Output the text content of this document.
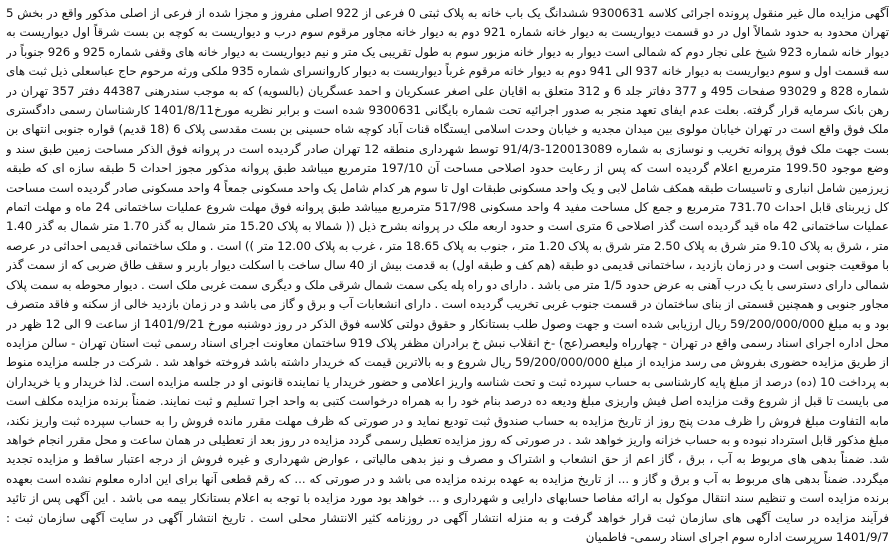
آگهی مزایده مال غیر منقول پرونده اجرائی کلاسه 9300631 ششدانگ یک باب خانه به پلاک ثبتی 0 فرعی از 922 اصلی مفروز و مجزا شده از فرعی از اصلی مذکور واقع در بخش 5 تهران محدود به حدود شمالاً اول در دو قسمت دیواریست به دیوار خانه شماره 921 دوم به دیوار خانه مجاور مرقوم سوم درب و دیواریست به کوچه بن بست شرقاً اول دیواریست به دیوار خانه شماره 923 شیخ علی نجار دوم که شمالی است دیوار به دیوار خانه مزبور سوم به طول تقریبی یک متر و نیم دیواریست به دیوار خانه های وقفی شماره 925 و 926 جنوباً در سه قسمت اول و سوم دیواریست به دیوار خانه 937 الی 941 دوم به دیوار خانه مرقوم غرباً دیواریست به دیوار کاروانسرای شماره 935 ملکی ورثه مرحوم حاج عباسعلی ذیل ثبت های شماره 828 و 93029 صفحات 495 و 377 دفاتر جلد 6 و 312 متعلق به اقایان علی اصغر عسکریان و احمد عسگریان (بالسویه) که به موجب سندرهنی 44387 دفتر 357 تهران در رهن بانک سرمایه قرار گرفته. بعلت عدم ایفای تعهد منجر به صدور اجرائیه تحت شماره بایگانی 9300631 شده است و برابر نظریه مورخ1401/8/11 کارشناسان رسمی دادگستری ملک فوق واقع است در تهران خیابان مولوی بین میدان مجدیه و خیابان وحدت اسلامی ایستگاه قنات آباد کوچه شاه حسینی بن بست مقدسی پلاک 6 (18 قدیم) قواره جنوبی انتهای بن بست جهت ملک فوق پروانه تخریب و نوسازی به شماره 120013089-91/4/3 توسط شهرداری منطقه 12 تهران صادر گردیده است در پروانه فوق الذکر مساحت زمین طبق سند و وضع موجود 199.50 مترمربع اعلام گردیده است که پس از رعایت حدود اصلاحی مساحت آن 197/10 مترمربع میباشد طبق پروانه مذکور مجوز احداث 5 طبقه سازه ای که طبقه زیرزمین شامل انباری و تاسیسات طبقه همکف شامل لابی و یک واحد مسکونی طبقات اول تا سوم هر کدام شامل یک واحد مسکونی جمعاً 4 واحد مسکونی صادر گردیده است مساحت کل زیربنای قابل احداث 731.70 مترمربع و جمع کل مساحت مفید 4 واحد مسکونی 517/98 مترمربع میباشد طبق پروانه فوق مهلت شروع عملیات ساختمانی 24 ماه و مهلت اتمام عملیات ساختمانی 42 ماه قید گردیده است گذر اصلاحی 6 متری است و حدود اربعه ملک در پروانه بشرح ذیل (( شمالا به پلاک 15.20 متر شمال به گذر 1.70 متر شمال به گذر 1.40 متر ، شرق به پلاک 9.10 متر شرق به پلاک 2.50 متر شرق به پلاک 1.20 متر ، جنوب به پلاک 18.65 متر ، غرب به پلاک 12.00 متر )) است . و ملک ساختمانی قدیمی احداثی در عرصه با موقعیت جنوبی است و در زمان بازدید ، ساختمانی قدیمی دو طبقه (هم کف و طبقه اول) به قدمت بیش از 40 سال ساخت با اسکلت دیوار باربر و سقف طاق ضربی که از سمت گذر شمالی دارای دسترسی با یک درب آهنی به عرض حدود 1/5 متر می باشد . دارای دو راه پله یکی سمت شمال شرقی ملک و دیگری سمت غربی ملک است . دیوار محوطه به سمت پلاک مجاور جنوبی و همچنین قسمتی از بنای ساختمان در قسمت جنوب غربی تخریب گردیده است . دارای انشعابات آب و برق و گاز می باشد و در زمان بازدید خالی از سکنه و فاقد متصرف بود و به مبلغ 59/200/000/000 ریال ارزیابی شده است و جهت وصول طلب بستانکار و حقوق دولتی کلاسه فوق الذکر در روز دوشنبه مورخ 1401/9/21 از ساعت 9 الی 12 ظهر در محل اداره اجرای اسناد رسمی واقع در تهران - چهارراه ولیعصر(عج) -خ انقلاب نبش خ برادران مظفر پلاک 919 ساختمان معاونت اجرای اسناد رسمی ثبت استان تهران - سالن مزایده از طریق مزایده حضوری بفروش می رسد مزایده از مبلغ 59/200/000/000 ریال شروع و به بالاترین قیمت که خریدار داشته باشد فروخته خواهد شد . شرکت در جلسه مزایده منوط به پرداخت 10 (ده) درصد از مبلغ پایه کارشناسی به حساب سپرده ثبت و تحت شناسه واریز اعلامی و حضور خریدار یا نماینده قانونی او در جلسه مزایده است. لذا خریدار و یا خریداران می بایست تا قبل از شروع وقت مزایده اصل فیش واریزی مبلغ ودیعه ده درصد بنام خود را به همراه درخواست کتبی به واحد اجرا تسلیم و ثبت نمایند. ضمناً برنده مزایده مکلف است مابه التفاوت مبلغ فروش را ظرف مدت پنج روز از تاریخ مزایده به حساب صندوق ثبت تودیع نماید و در صورتی که ظرف مهلت مقرر مانده فروش را به حساب سپرده ثبت واریز نکند، مبلغ مذکور قابل استرداد نبوده و به حساب خزانه واریز خواهد شد . در صورتی که روز مزایده تعطیل رسمی گردد مزایده در روز بعد از تعطیلی در همان ساعت و محل مقرر انجام خواهد شد. ضمناً بدهی های مربوط به آب ، برق ، گاز اعم از حق انشعاب و اشتراک و مصرف و نیز بدهی مالیاتی ، عوارض شهرداری و غیره فروش از درجه اعتبار ساقط و مزایده تجدید میگردد. ضمناً بدهی های مربوط به آب و برق و گاز و ... از تاریخ مزایده به عهده برنده مزایده می باشد و در صورتی که ... که رقم قطعی آنها برای این اداره معلوم نشده است بعهده برنده مزایده است و تنظیم سند انتقال موکول به ارائه مفاصا حسابهای دارایی و شهرداری و ... خواهد بود مورد مزایده با توجه به اعلام بستانکار بیمه می باشد . این آگهی پس از تائید فرآیند مزایده در سایت آگهی های سازمان ثبت قرار خواهد گرفت و به منزله انتشار آگهی در روزنامه کثیر الانتشار محلی است . تاریخ انتشار آگهی در سایت آگهی سازمان ثبت : 1401/9/7 سرپرست اداره سوم اجرای اسناد رسمی- فاطمیان
